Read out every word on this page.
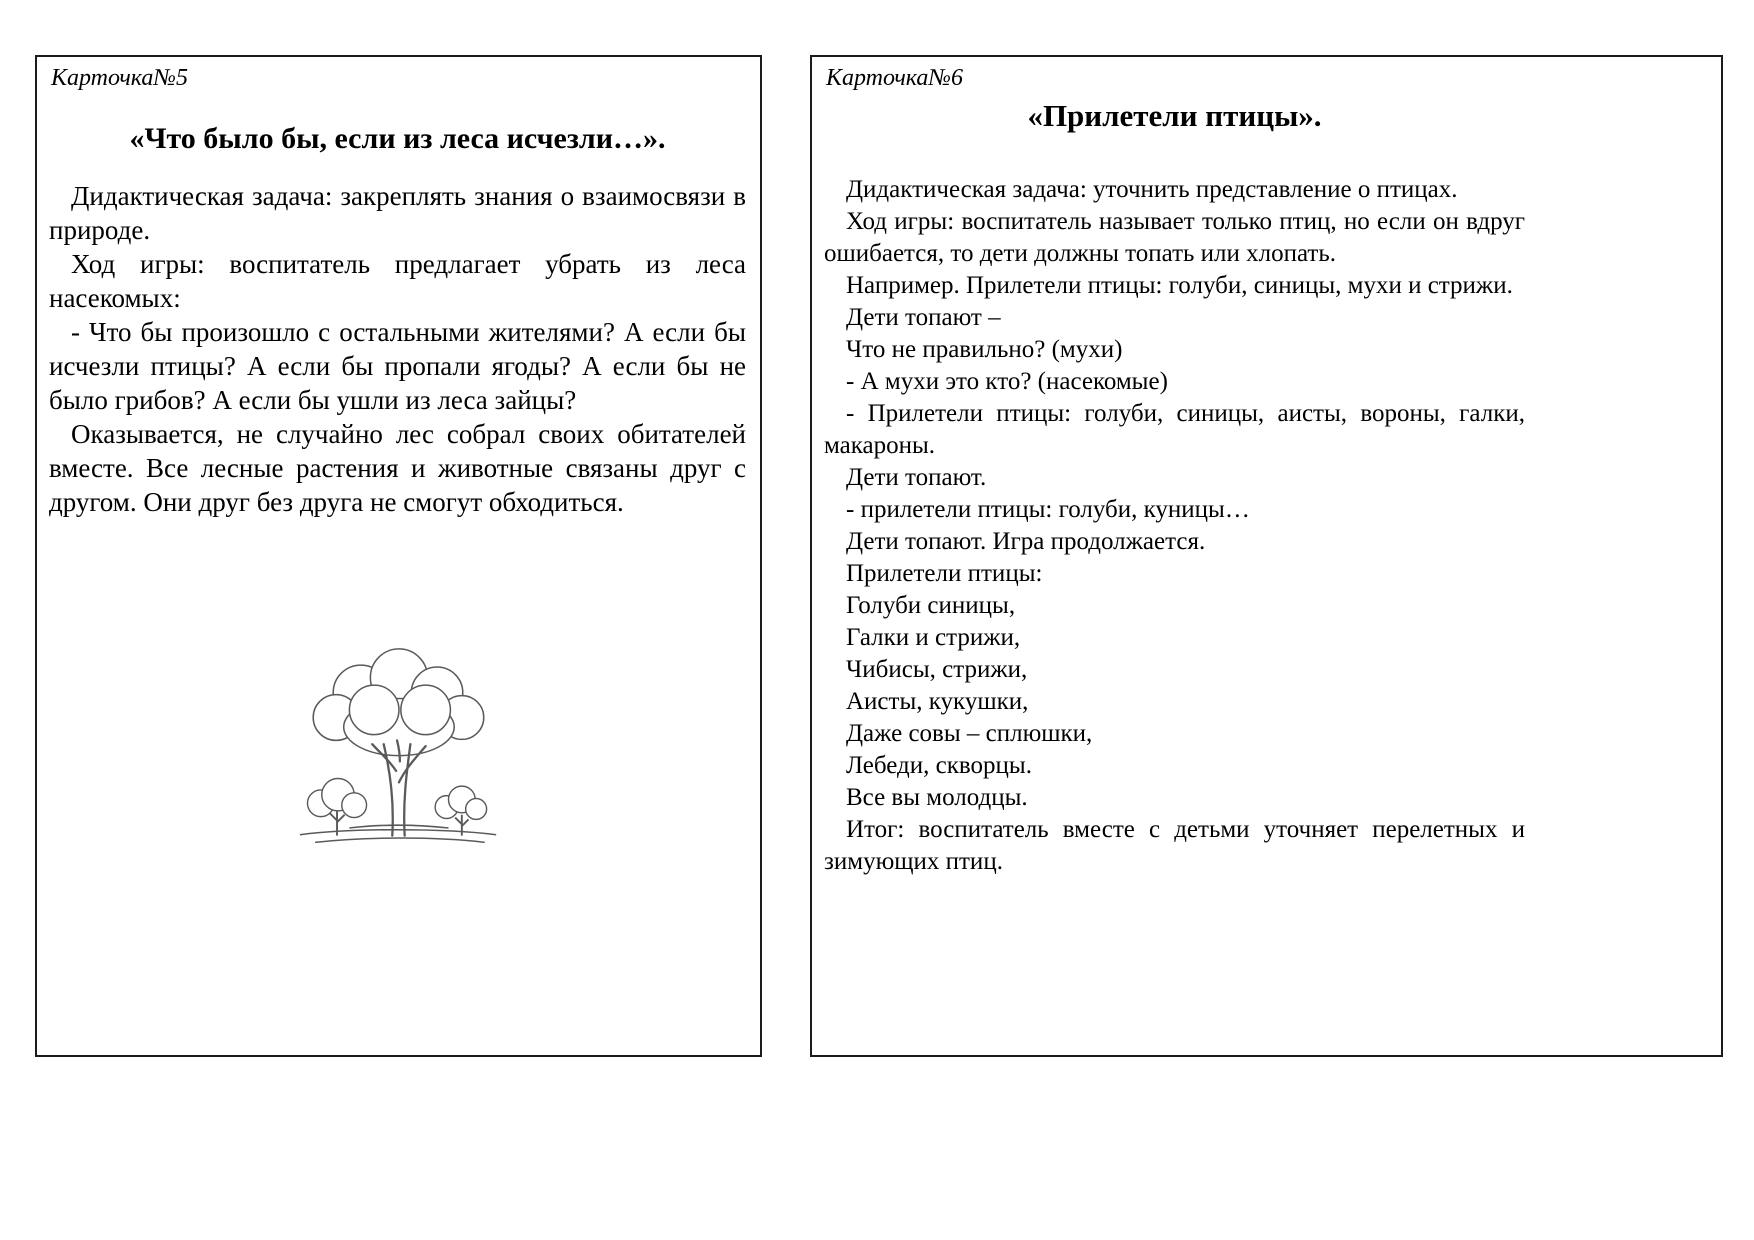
Карточка№5
«Что было бы, если из леса исчезли…».

Дидактическая задача: закреплять знания о взаимосвязи в природе.

Ход игры: воспитатель предлагает убрать из леса насекомых:

- Что бы произошло с остальными жителями? А если бы исчезли птицы? А если бы пропали ягоды? А если бы не было грибов? А если бы ушли из леса зайцы?

Оказывается, не случайно лес собрал своих обитателей вместе. Все лесные растения и животные связаны друг с другом. Они друг без друга не смогут обходиться.

Карточка№6
«Прилетели птицы».

Дидактическая задача: уточнить представление о птицах.

Ход игры: воспитатель называет только птиц, но если он вдруг ошибается, то дети должны топать или хлопать.

Например. Прилетели птицы: голуби, синицы, мухи и стрижи.

Дети топают –

Что не правильно? (мухи)

- А мухи это кто? (насекомые)

- Прилетели птицы: голуби, синицы, аисты, вороны, галки, макароны.

Дети топают.

- прилетели птицы: голуби, куницы…

Дети топают. Игра продолжается.

Прилетели птицы:

Голуби синицы,

Галки и стрижи,

Чибисы, стрижи,

Аисты, кукушки,

Даже совы – сплюшки,

Лебеди, скворцы.

Все вы молодцы.

Итог: воспитатель вместе с детьми уточняет перелетных и зимующих птиц.
